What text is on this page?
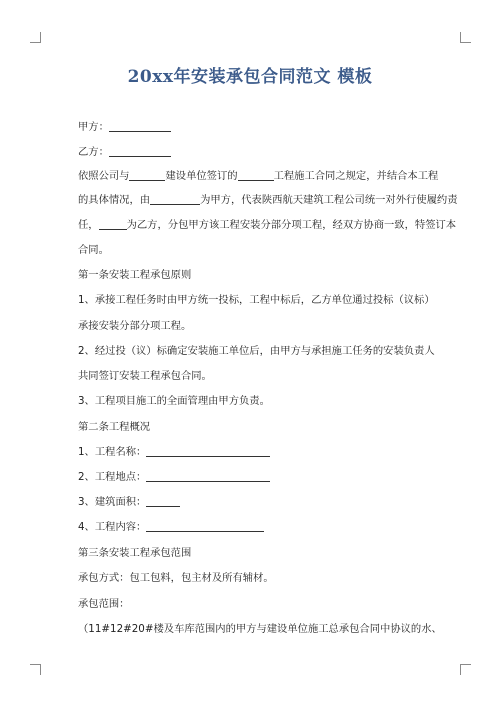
20xx年安装承包合同范文 模板
甲方：
乙方：
依照公司与	建设单位签订的	工程施工合同之规定，并结合本工程
的具体情况，由	为甲方，代表陕西航天建筑工程公司统一对外行使履约责
任，	为乙方，分包甲方该工程安装分部分项工程，经双方协商一致，特签订本
合同。
第一条安装工程承包原则
1、承接工程任务时由甲方统一投标，工程中标后，乙方单位通过投标（议标）
承接安装分部分项工程。
2、经过投（议）标确定安装施工单位后，由甲方与承担施工任务的安装负责人
共同签订安装工程承包合同。
3、工程项目施工的全面管理由甲方负责。
第二条工程概况
1、工程名称：
2、工程地点：
3、建筑面积：
4、工程内容：
第三条安装工程承包范围
承包方式：包工包料，包主材及所有辅材。
承包范围：
（11#12#20#楼及车库范围内的甲方与建设单位施工总承包合同中协议的水、
